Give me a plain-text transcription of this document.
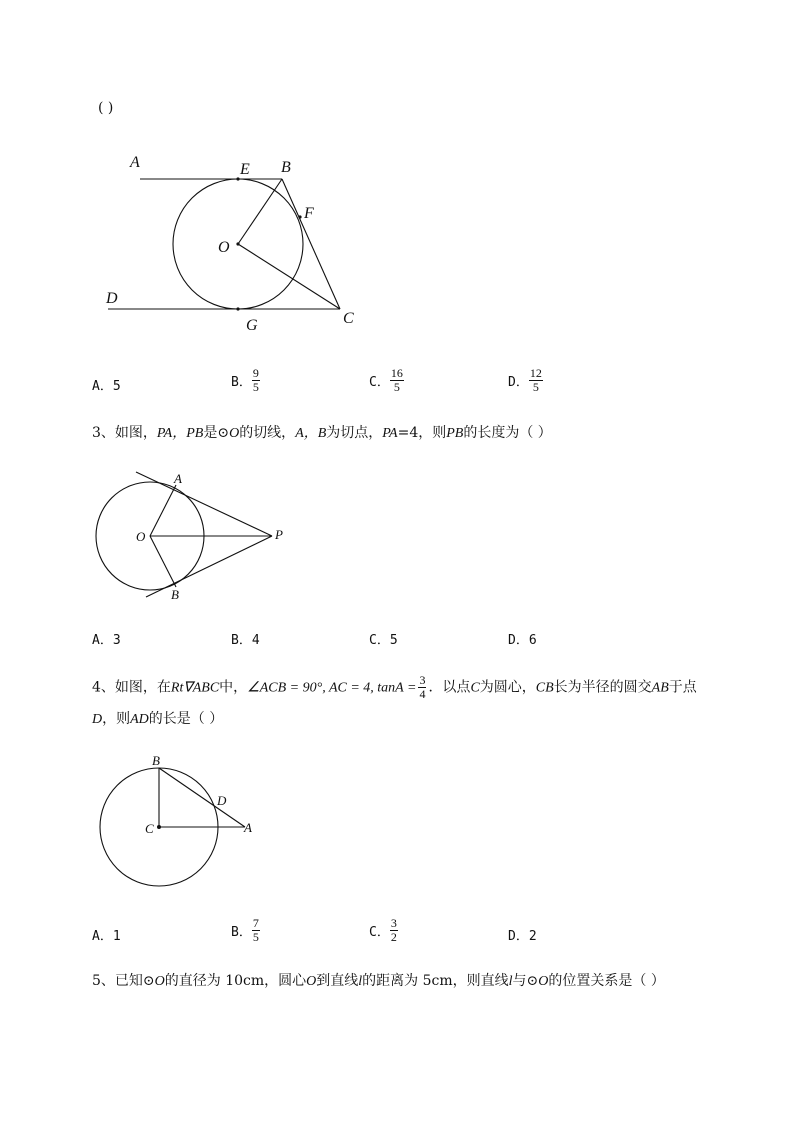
( )
A	E B
F
O
D
G	C
A．5	B． $\frac{9}{5}$	C． $\frac{16}{5}$	D． $\frac{12}{5}$
3、如图，PA，PB是⊙O的切线，A，B为切点，PA=4，则PB的长度为（ ）
A
O	P
B
A．3	B．4	C．5	D．6
4、如图，在Rt∇ABC中，∠ACB = 90°, AC = 4, $\tan A = \frac{3}{4}$ ．以点C为圆心，CB长为半径的圆交AB于点
D，则AD的长是（ ）
B
D
C	A
A．1	B． $\frac{7}{5}$	C． $\frac{3}{2}$	D．2
5、已知⊙O的直径为 10cm，圆心O到直线l的距离为 5cm，则直线l与⊙O的位置关系是（ ）
